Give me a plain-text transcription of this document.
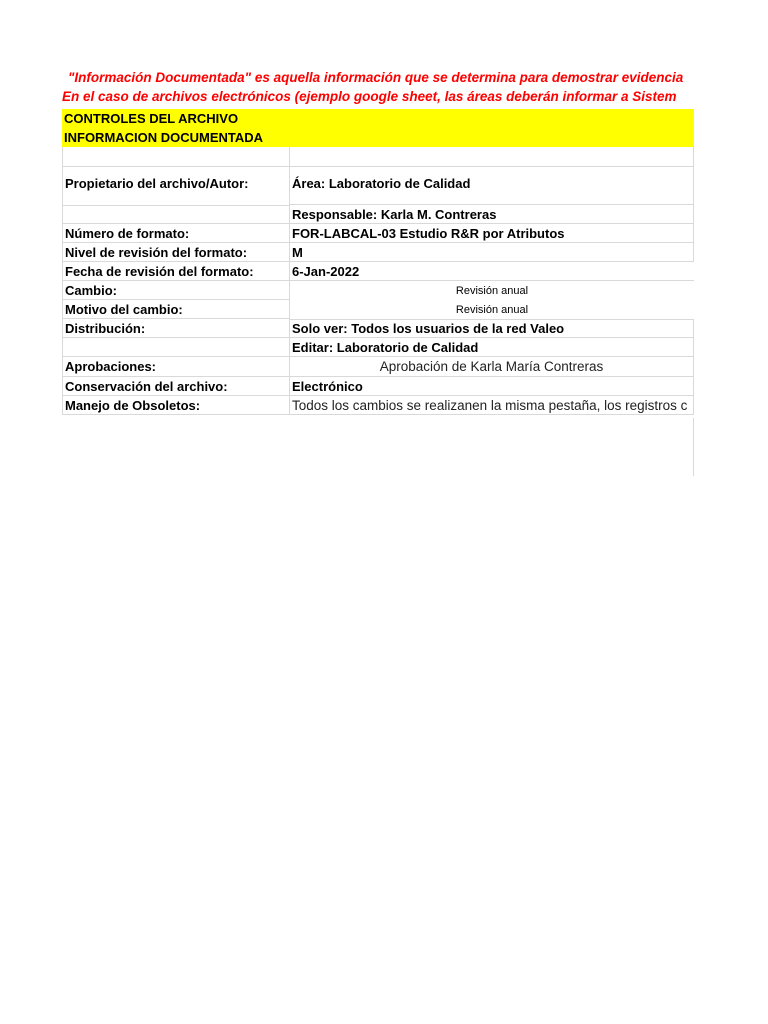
"Información Documentada" es aquella información que se determina para demostrar evidencia
En el caso de archivos electrónicos (ejemplo google sheet, las áreas deberán informar a Sistem
CONTROLES DEL ARCHIVO
INFORMACION DOCUMENTADA
Propietario del archivo/Autor:	Área: Laboratorio de Calidad
Responsable: Karla M. Contreras
Número de formato:	FOR-LABCAL-03 Estudio R&R por Atributos
Nivel de revisión del formato:	M
Fecha de revisión del formato:	6-Jan-2022
Cambio:	Revisión anual
Motivo del cambio:	Revisión anual
Distribución:	Solo ver: Todos los usuarios de la red Valeo
Editar: Laboratorio de Calidad
Aprobaciones:	Aprobación de Karla María Contreras
Conservación del archivo:	Electrónico
Manejo de Obsoletos:	Todos los cambios se realizanen la misma pestaña, los registros c
